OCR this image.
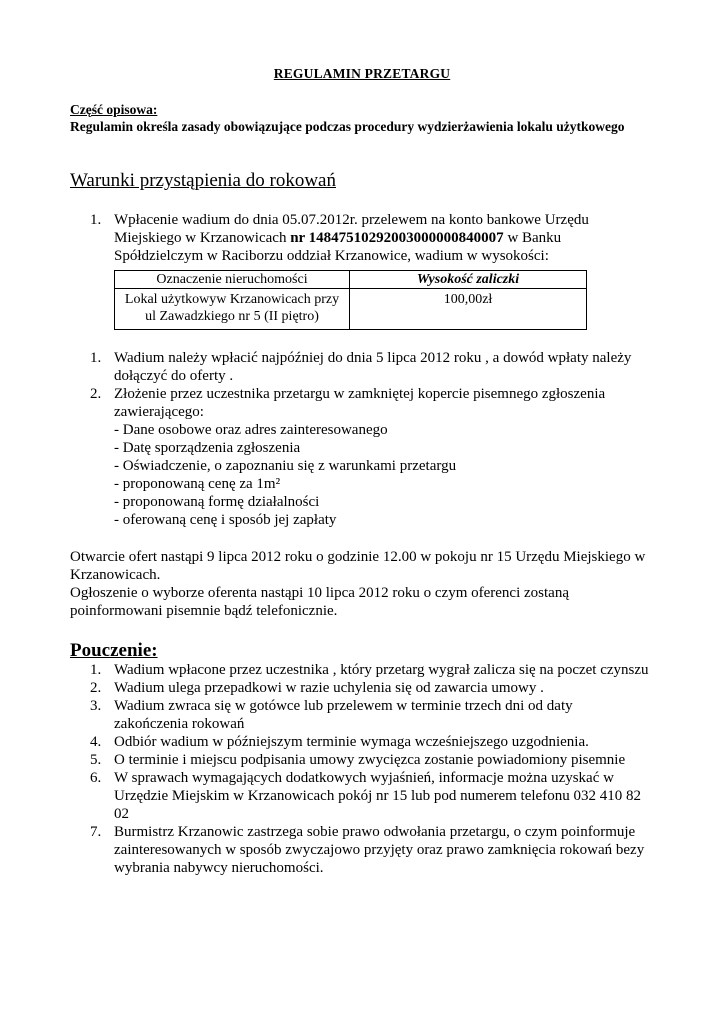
REGULAMIN PRZETARGU
Część opisowa:
Regulamin określa zasady obowiązujące podczas procedury wydzierżawienia lokalu użytkowego
Warunki przystąpienia do rokowań
1. Wpłacenie wadium do dnia 05.07.2012r. przelewem na konto bankowe Urzędu Miejskiego w Krzanowicach nr 14847510292003000000840007 w Banku Spółdzielczym w Raciborzu oddział Krzanowice, wadium w wysokości:
Oznaczenie nieruchomości	Wysokość zaliczki
Lokal użytkowyw Krzanowicach przy ul Zawadzkiego nr 5 (II piętro)	100,00zł
1. Wadium należy wpłacić najpóźniej do dnia 5 lipca 2012 roku , a dowód wpłaty należy dołączyć do oferty .
2. Złożenie przez uczestnika przetargu w zamkniętej kopercie pisemnego zgłoszenia zawierającego:
- Dane osobowe oraz adres zainteresowanego
- Datę sporządzenia zgłoszenia
- Oświadczenie, o zapoznaniu się z warunkami przetargu
- proponowaną cenę za 1m²
- proponowaną formę działalności
- oferowaną cenę i sposób jej zapłaty
Otwarcie ofert nastąpi 9 lipca 2012 roku o godzinie 12.00 w pokoju nr 15 Urzędu Miejskiego w Krzanowicach.
Ogłoszenie o wyborze oferenta nastąpi 10 lipca 2012 roku o czym oferenci zostaną poinformowani pisemnie bądź telefonicznie.
Pouczenie:
1. Wadium wpłacone przez uczestnika , który przetarg wygrał zalicza się na poczet czynszu
2. Wadium ulega przepadkowi w razie uchylenia się od zawarcia umowy .
3. Wadium zwraca się w gotówce lub przelewem w terminie trzech dni od daty zakończenia rokowań
4. Odbiór wadium w późniejszym terminie wymaga wcześniejszego uzgodnienia.
5. O terminie i miejscu podpisania umowy zwycięzca zostanie powiadomiony pisemnie
6. W sprawach wymagających dodatkowych wyjaśnień, informacje można uzyskać w Urzędzie Miejskim w Krzanowicach pokój nr 15 lub pod numerem telefonu 032 410 82 02
7. Burmistrz Krzanowic zastrzega sobie prawo odwołania przetargu, o czym poinformuje zainteresowanych w sposób zwyczajowo przyjęty oraz prawo zamknięcia rokowań bezy wybrania nabywcy nieruchomości.
